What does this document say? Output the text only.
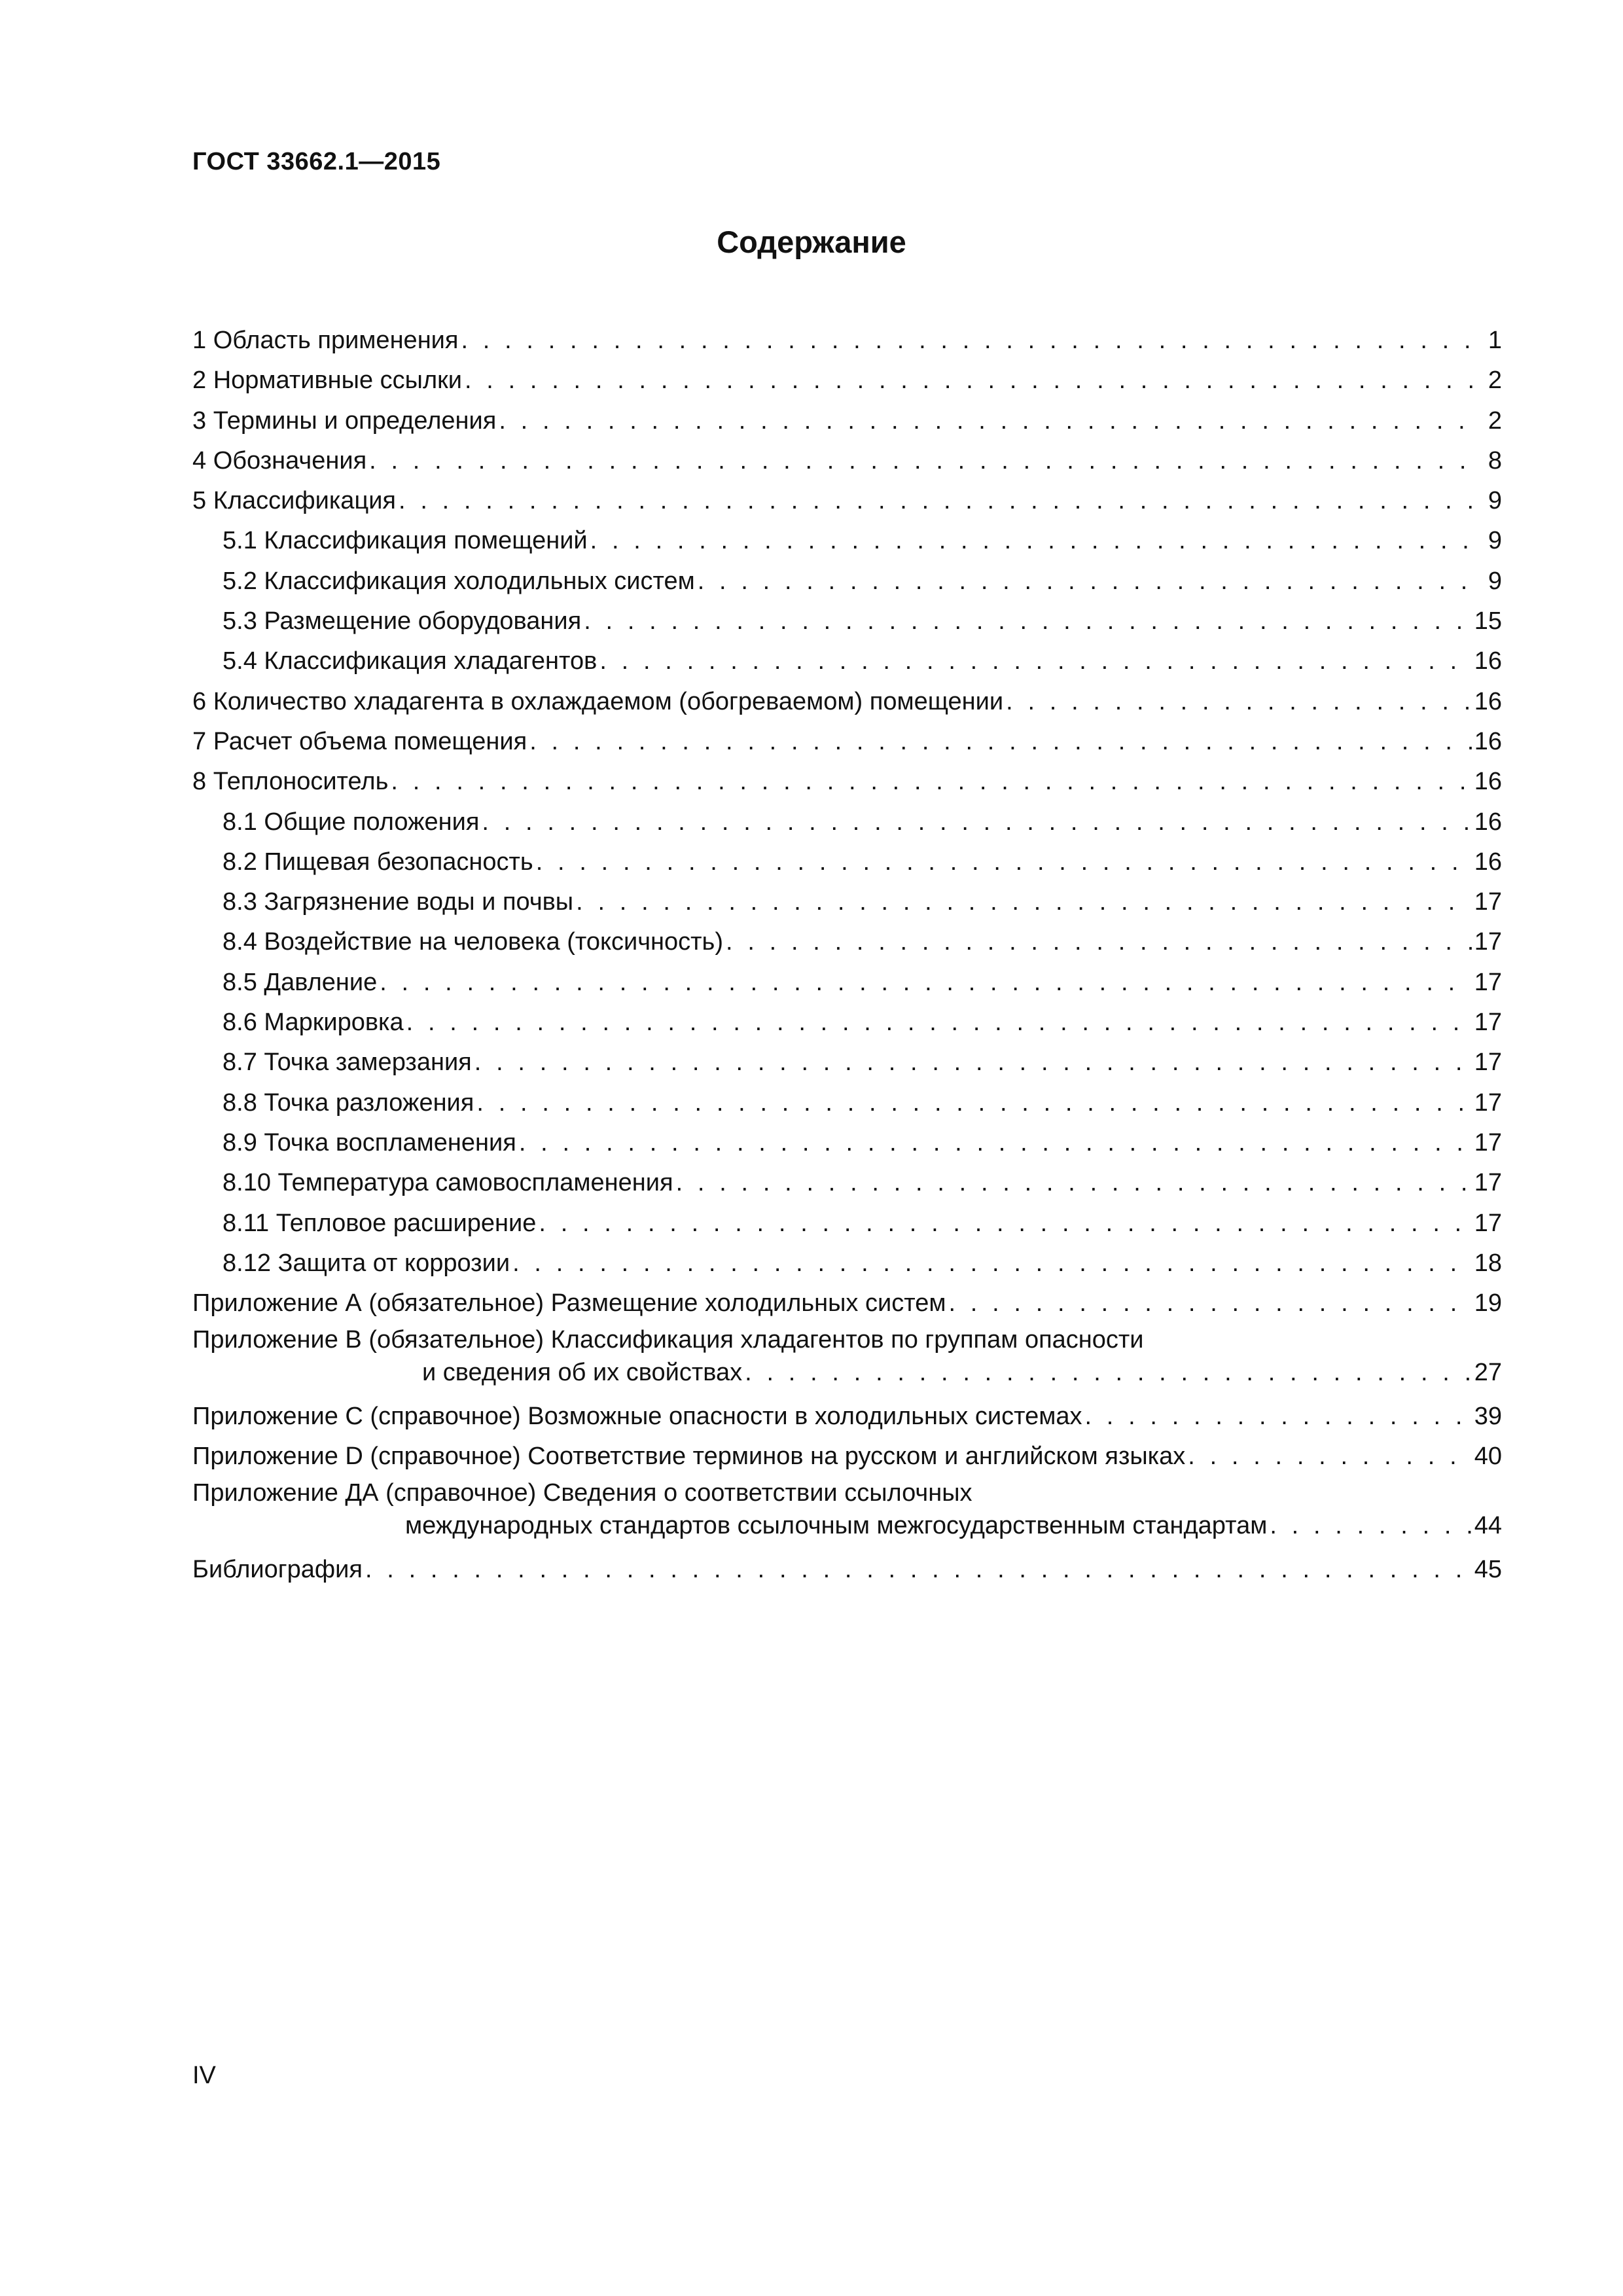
ГОСТ 33662.1—2015
Содержание
1 Область применения . . .	1
2 Нормативные ссылки . . .	2
3 Термины и определения . . .	2
4 Обозначения . . .	8
5 Классификация . . .	9
5.1 Классификация помещений . . .	9
5.2 Классификация холодильных систем . . .	9
5.3 Размещение оборудования . . .	15
5.4 Классификация хладагентов . . .	16
6 Количество хладагента в охлаждаемом (обогреваемом) помещении . . .	16
7 Расчет объема помещения . . .	16
8 Теплоноситель . . .	16
8.1 Общие положения . . .	16
8.2 Пищевая безопасность . . .	16
8.3 Загрязнение воды и почвы . . .	17
8.4 Воздействие на человека (токсичность) . . .	17
8.5 Давление . . .	17
8.6 Маркировка . . .	17
8.7 Точка замерзания . . .	17
8.8 Точка разложения . . .	17
8.9 Точка воспламенения . . .	17
8.10 Температура самовоспламенения . . .	17
8.11 Тепловое расширение . . .	17
8.12 Защита от коррозии . . .	18
Приложение А (обязательное) Размещение холодильных систем . . .	19
Приложение В (обязательное) Классификация хладагентов по группам опасности
и сведения об их свойствах . . .	27
Приложение С (справочное) Возможные опасности в холодильных системах . . .	39
Приложение D (справочное) Соответствие терминов на русском и английском языках . . .	40
Приложение ДА (справочное) Сведения о соответствии ссылочных
международных стандартов ссылочным межгосударственным стандартам . . .	44
Библиография . . .	45
IV
